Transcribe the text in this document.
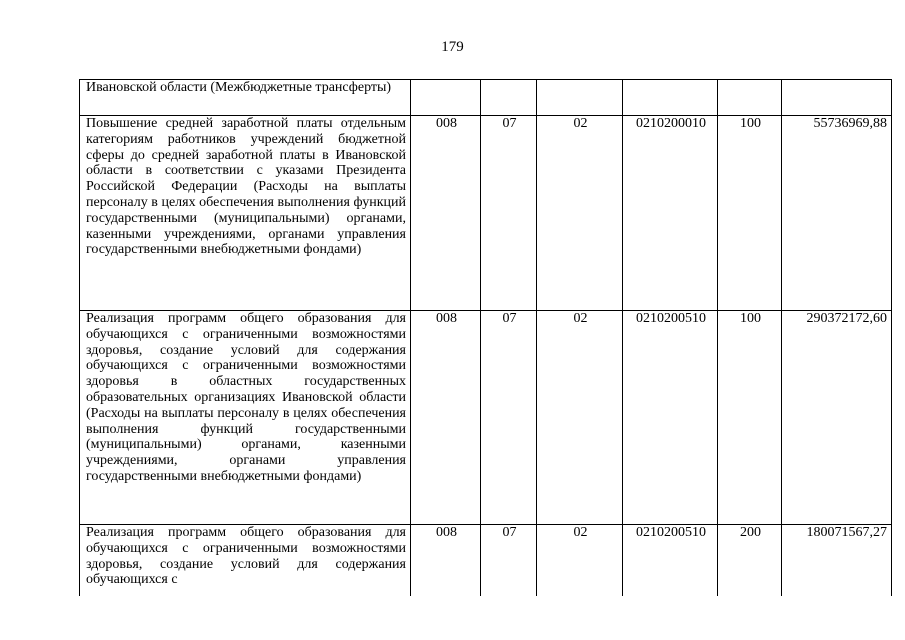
179
Ивановской области (Межбюджетные трансферты)						
Повышение средней заработной платы отдельным категориям работников учреждений бюджетной сферы до средней заработной платы в Ивановской области в соответствии с указами Президента Российской Федерации (Расходы на выплаты персоналу в целях обеспечения выполнения функций государственными (муниципальными) органами, казенными учреждениями, органами управления государственными внебюджетными фондами)	008	07	02	0210200010	100	55736969,88
Реализация программ общего образования для обучающихся с ограниченными возможностями здоровья, создание условий для содержания обучающихся с ограниченными возможностями здоровья в областных государственных образовательных организациях Ивановской области (Расходы на выплаты персоналу в целях обеспечения выполнения функций государственными (муниципальными) органами, казенными учреждениями, органами управления государственными внебюджетными фондами)	008	07	02	0210200510	100	290372172,60
Реализация программ общего образования для обучающихся с ограниченными возможностями здоровья, создание условий для содержания обучающихся с	008	07	02	0210200510	200	180071567,27
